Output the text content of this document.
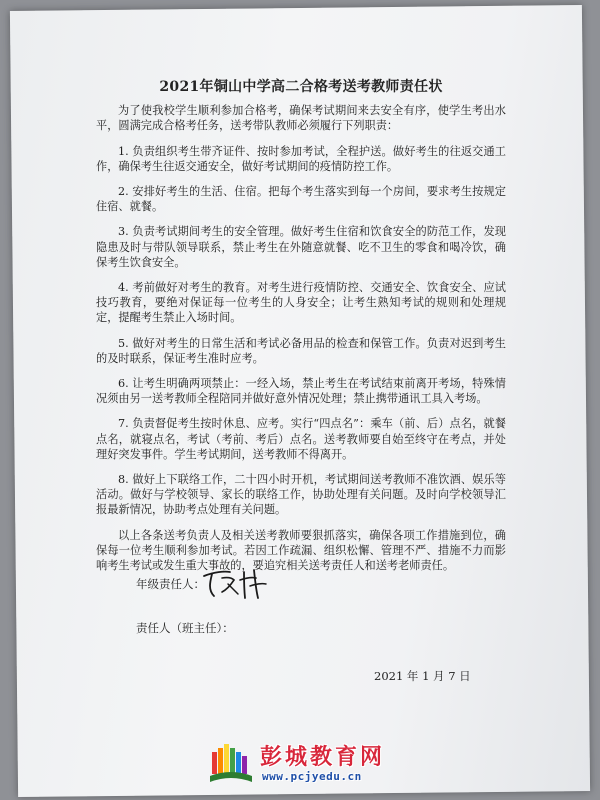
2021年铜山中学高二合格考送考教师责任状

为了使我校学生顺利参加合格考，确保考试期间来去安全有序，使学生考出水平，圆满完成合格考任务，送考带队教师必须履行下列职责：

1. 负责组织考生带齐证件、按时参加考试，全程护送。做好考生的往返交通工作，确保考生往返交通安全，做好考试期间的疫情防控工作。

2. 安排好考生的生活、住宿。把每个考生落实到每一个房间，要求考生按规定住宿、就餐。

3. 负责考试期间考生的安全管理。做好考生住宿和饮食安全的防范工作，发现隐患及时与带队领导联系，禁止考生在外随意就餐、吃不卫生的零食和喝冷饮，确保考生饮食安全。

4. 考前做好对考生的教育。对考生进行疫情防控、交通安全、饮食安全、应试技巧教育，要绝对保证每一位考生的人身安全；让考生熟知考试的规则和处理规定，提醒考生禁止入场时间。

5. 做好对考生的日常生活和考试必备用品的检查和保管工作。负责对迟到考生的及时联系，保证考生准时应考。

6. 让考生明确两项禁止：一经入场，禁止考生在考试结束前离开考场，特殊情况须由另一送考教师全程陪同并做好意外情况处理；禁止携带通讯工具入考场。

7. 负责督促考生按时休息、应考。实行“四点名”：乘车（前、后）点名，就餐点名，就寝点名，考试（考前、考后）点名。送考教师要自始至终守在考点，并处理好突发事件。学生考试期间，送考教师不得离开。

8. 做好上下联络工作，二十四小时开机，考试期间送考教师不准饮酒、娱乐等活动。做好与学校领导、家长的联络工作，协助处理有关问题。及时向学校领导汇报最新情况，协助考点处理有关问题。

以上各条送考负责人及相关送考教师要狠抓落实，确保各项工作措施到位，确保每一位考生顺利参加考试。若因工作疏漏、组织松懈、管理不严、措施不力而影响考生考试或发生重大事故的，要追究相关送考责任人和送考老师责任。

年级责任人：
责任人（班主任）：
2021 年 1 月 7 日
彭城教育网
www.pcjyedu.cn
